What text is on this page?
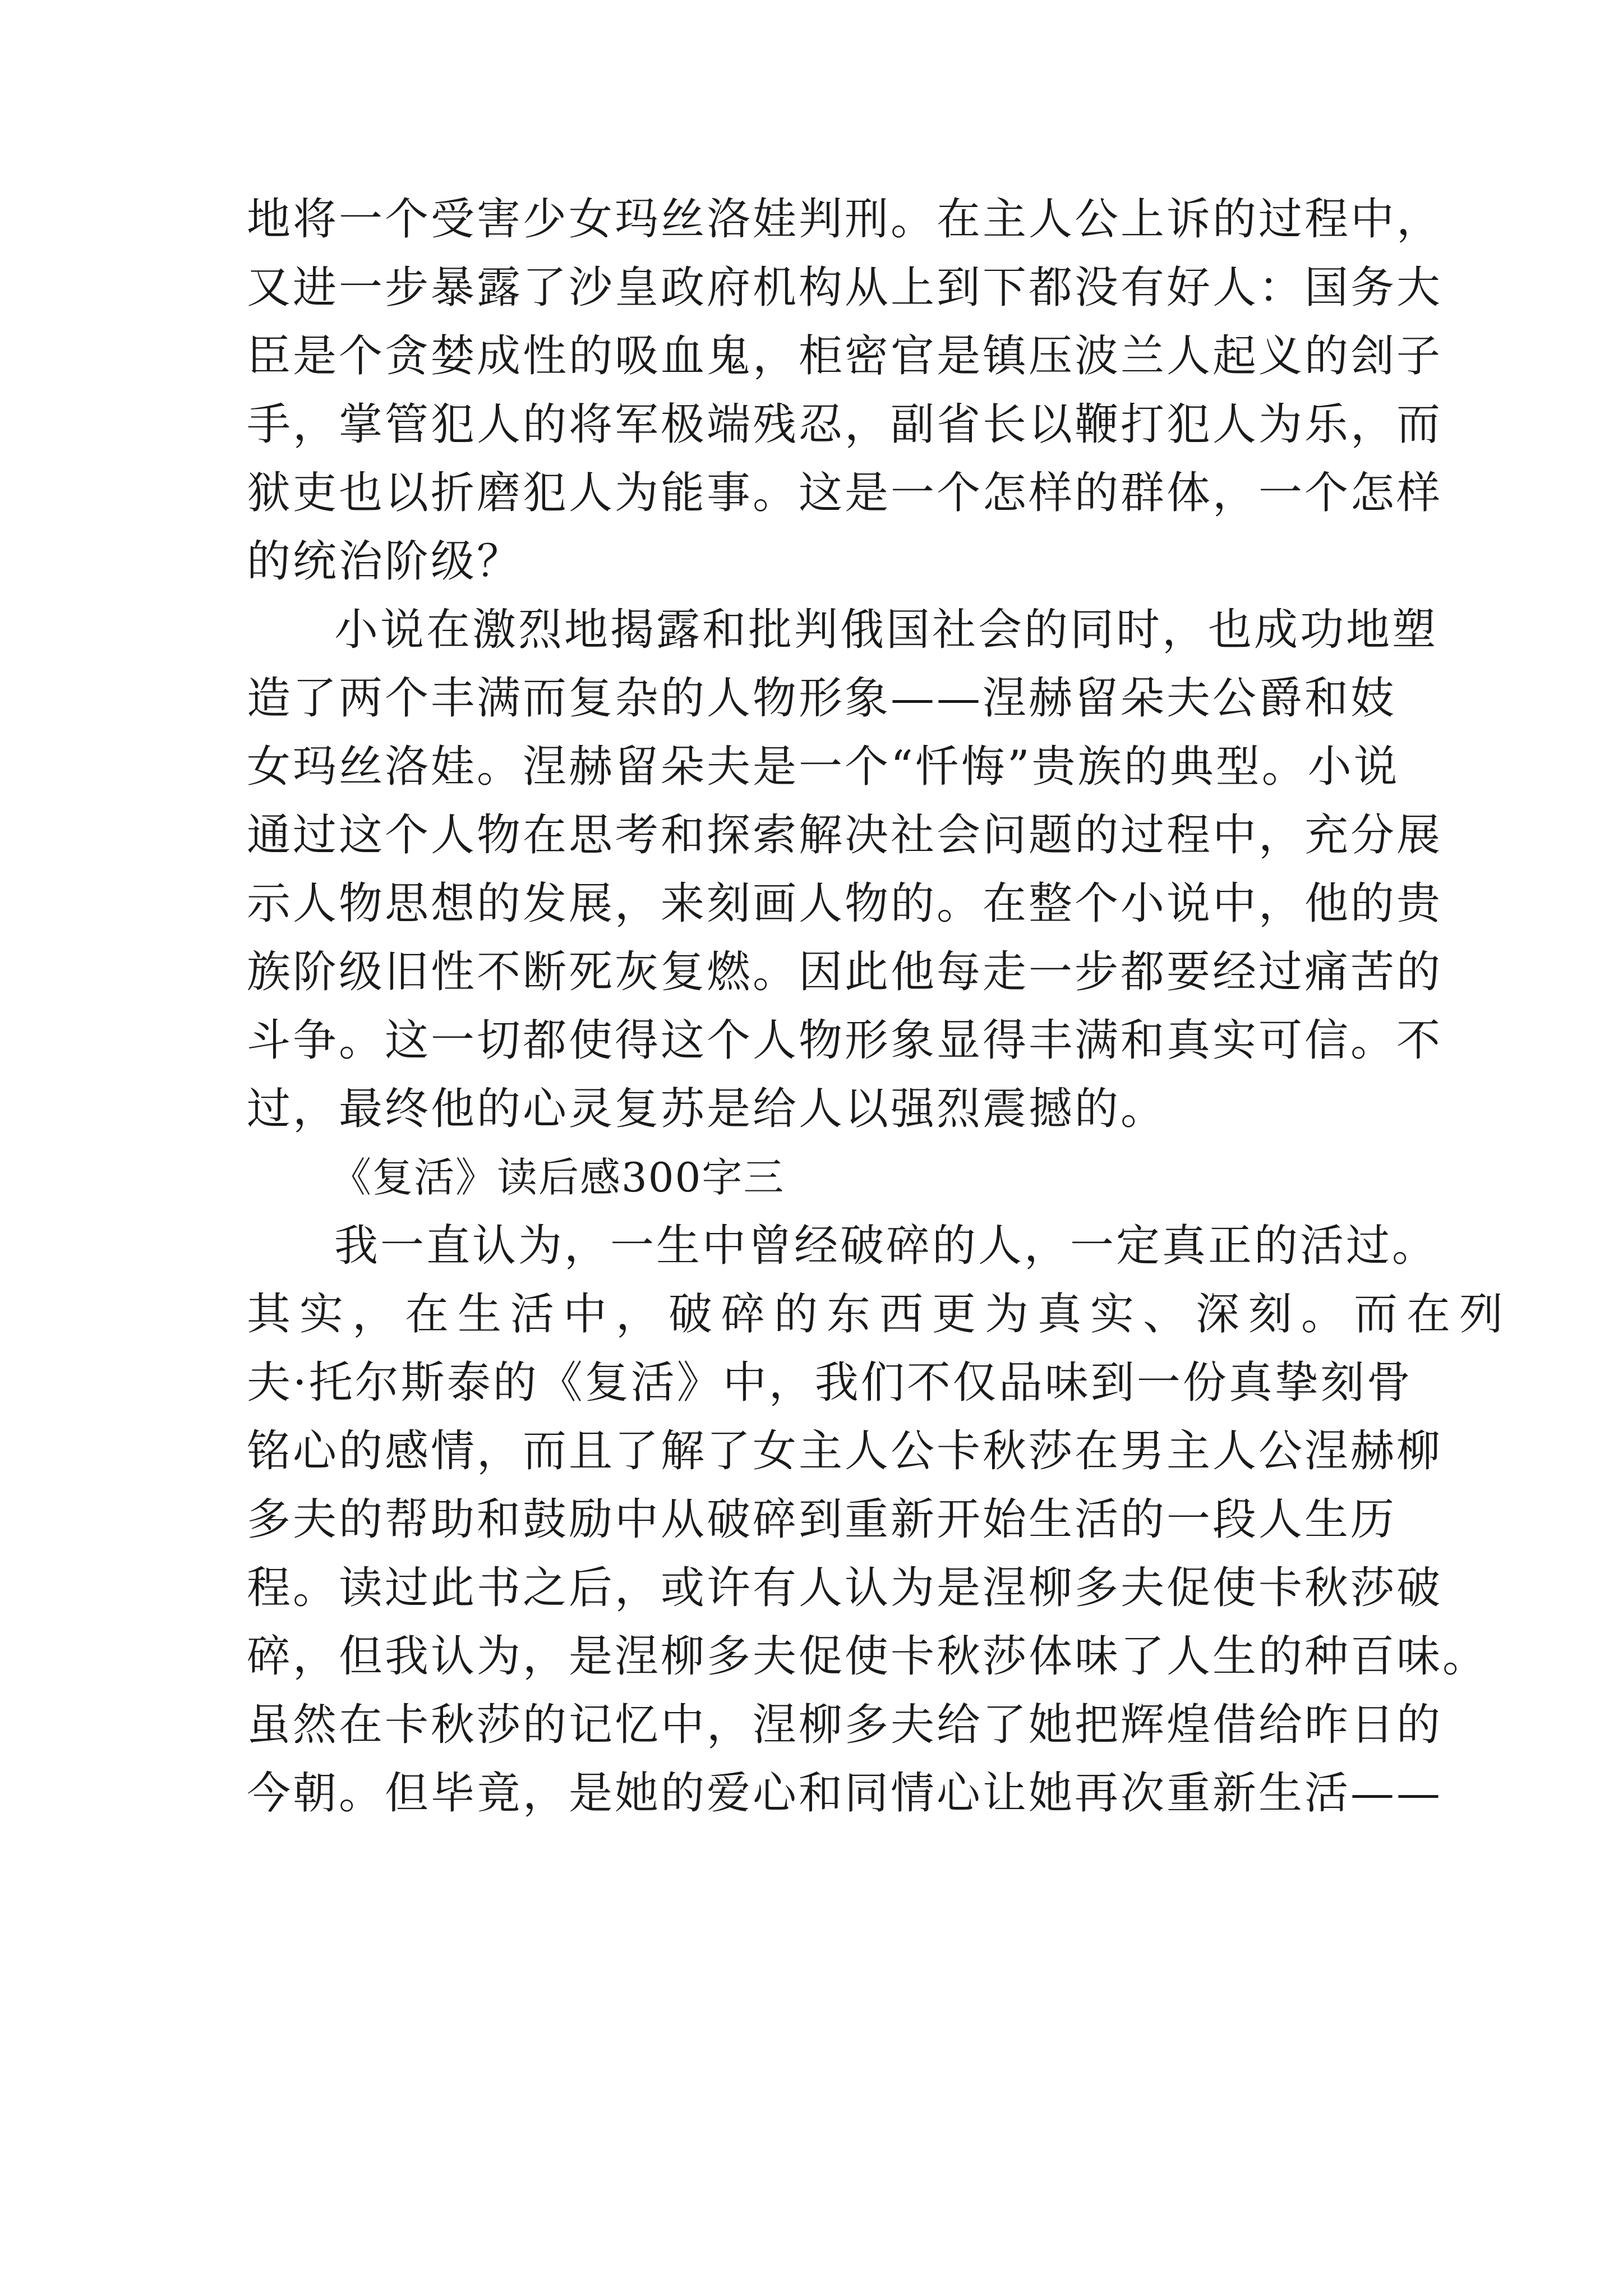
地将一个受害少女玛丝洛娃判刑。在主人公上诉的过程中，
又进一步暴露了沙皇政府机构从上到下都没有好人：国务大
臣是个贪婪成性的吸血鬼，柜密官是镇压波兰人起义的刽子
手，掌管犯人的将军极端残忍，副省长以鞭打犯人为乐，而
狱吏也以折磨犯人为能事。这是一个怎样的群体，一个怎样
的统治阶级？
小说在激烈地揭露和批判俄国社会的同时，也成功地塑
造了两个丰满而复杂的人物形象——涅赫留朵夫公爵和妓
女玛丝洛娃。涅赫留朵夫是一个“忏悔”贵族的典型。小说
通过这个人物在思考和探索解决社会问题的过程中，充分展
示人物思想的发展，来刻画人物的。在整个小说中，他的贵
族阶级旧性不断死灰复燃。因此他每走一步都要经过痛苦的
斗争。这一切都使得这个人物形象显得丰满和真实可信。不
过，最终他的心灵复苏是给人以强烈震撼的。
《复活》读后感300字三
我一直认为，一生中曾经破碎的人，一定真正的活过。
其实，在生活中，破碎的东西更为真实、深刻。而在列
夫·托尔斯泰的《复活》中，我们不仅品味到一份真挚刻骨
铭心的感情，而且了解了女主人公卡秋莎在男主人公涅赫柳
多夫的帮助和鼓励中从破碎到重新开始生活的一段人生历
程。读过此书之后，或许有人认为是涅柳多夫促使卡秋莎破
碎，但我认为，是涅柳多夫促使卡秋莎体味了人生的种百味。
虽然在卡秋莎的记忆中，涅柳多夫给了她把辉煌借给昨日的
今朝。但毕竟，是她的爱心和同情心让她再次重新生活——
